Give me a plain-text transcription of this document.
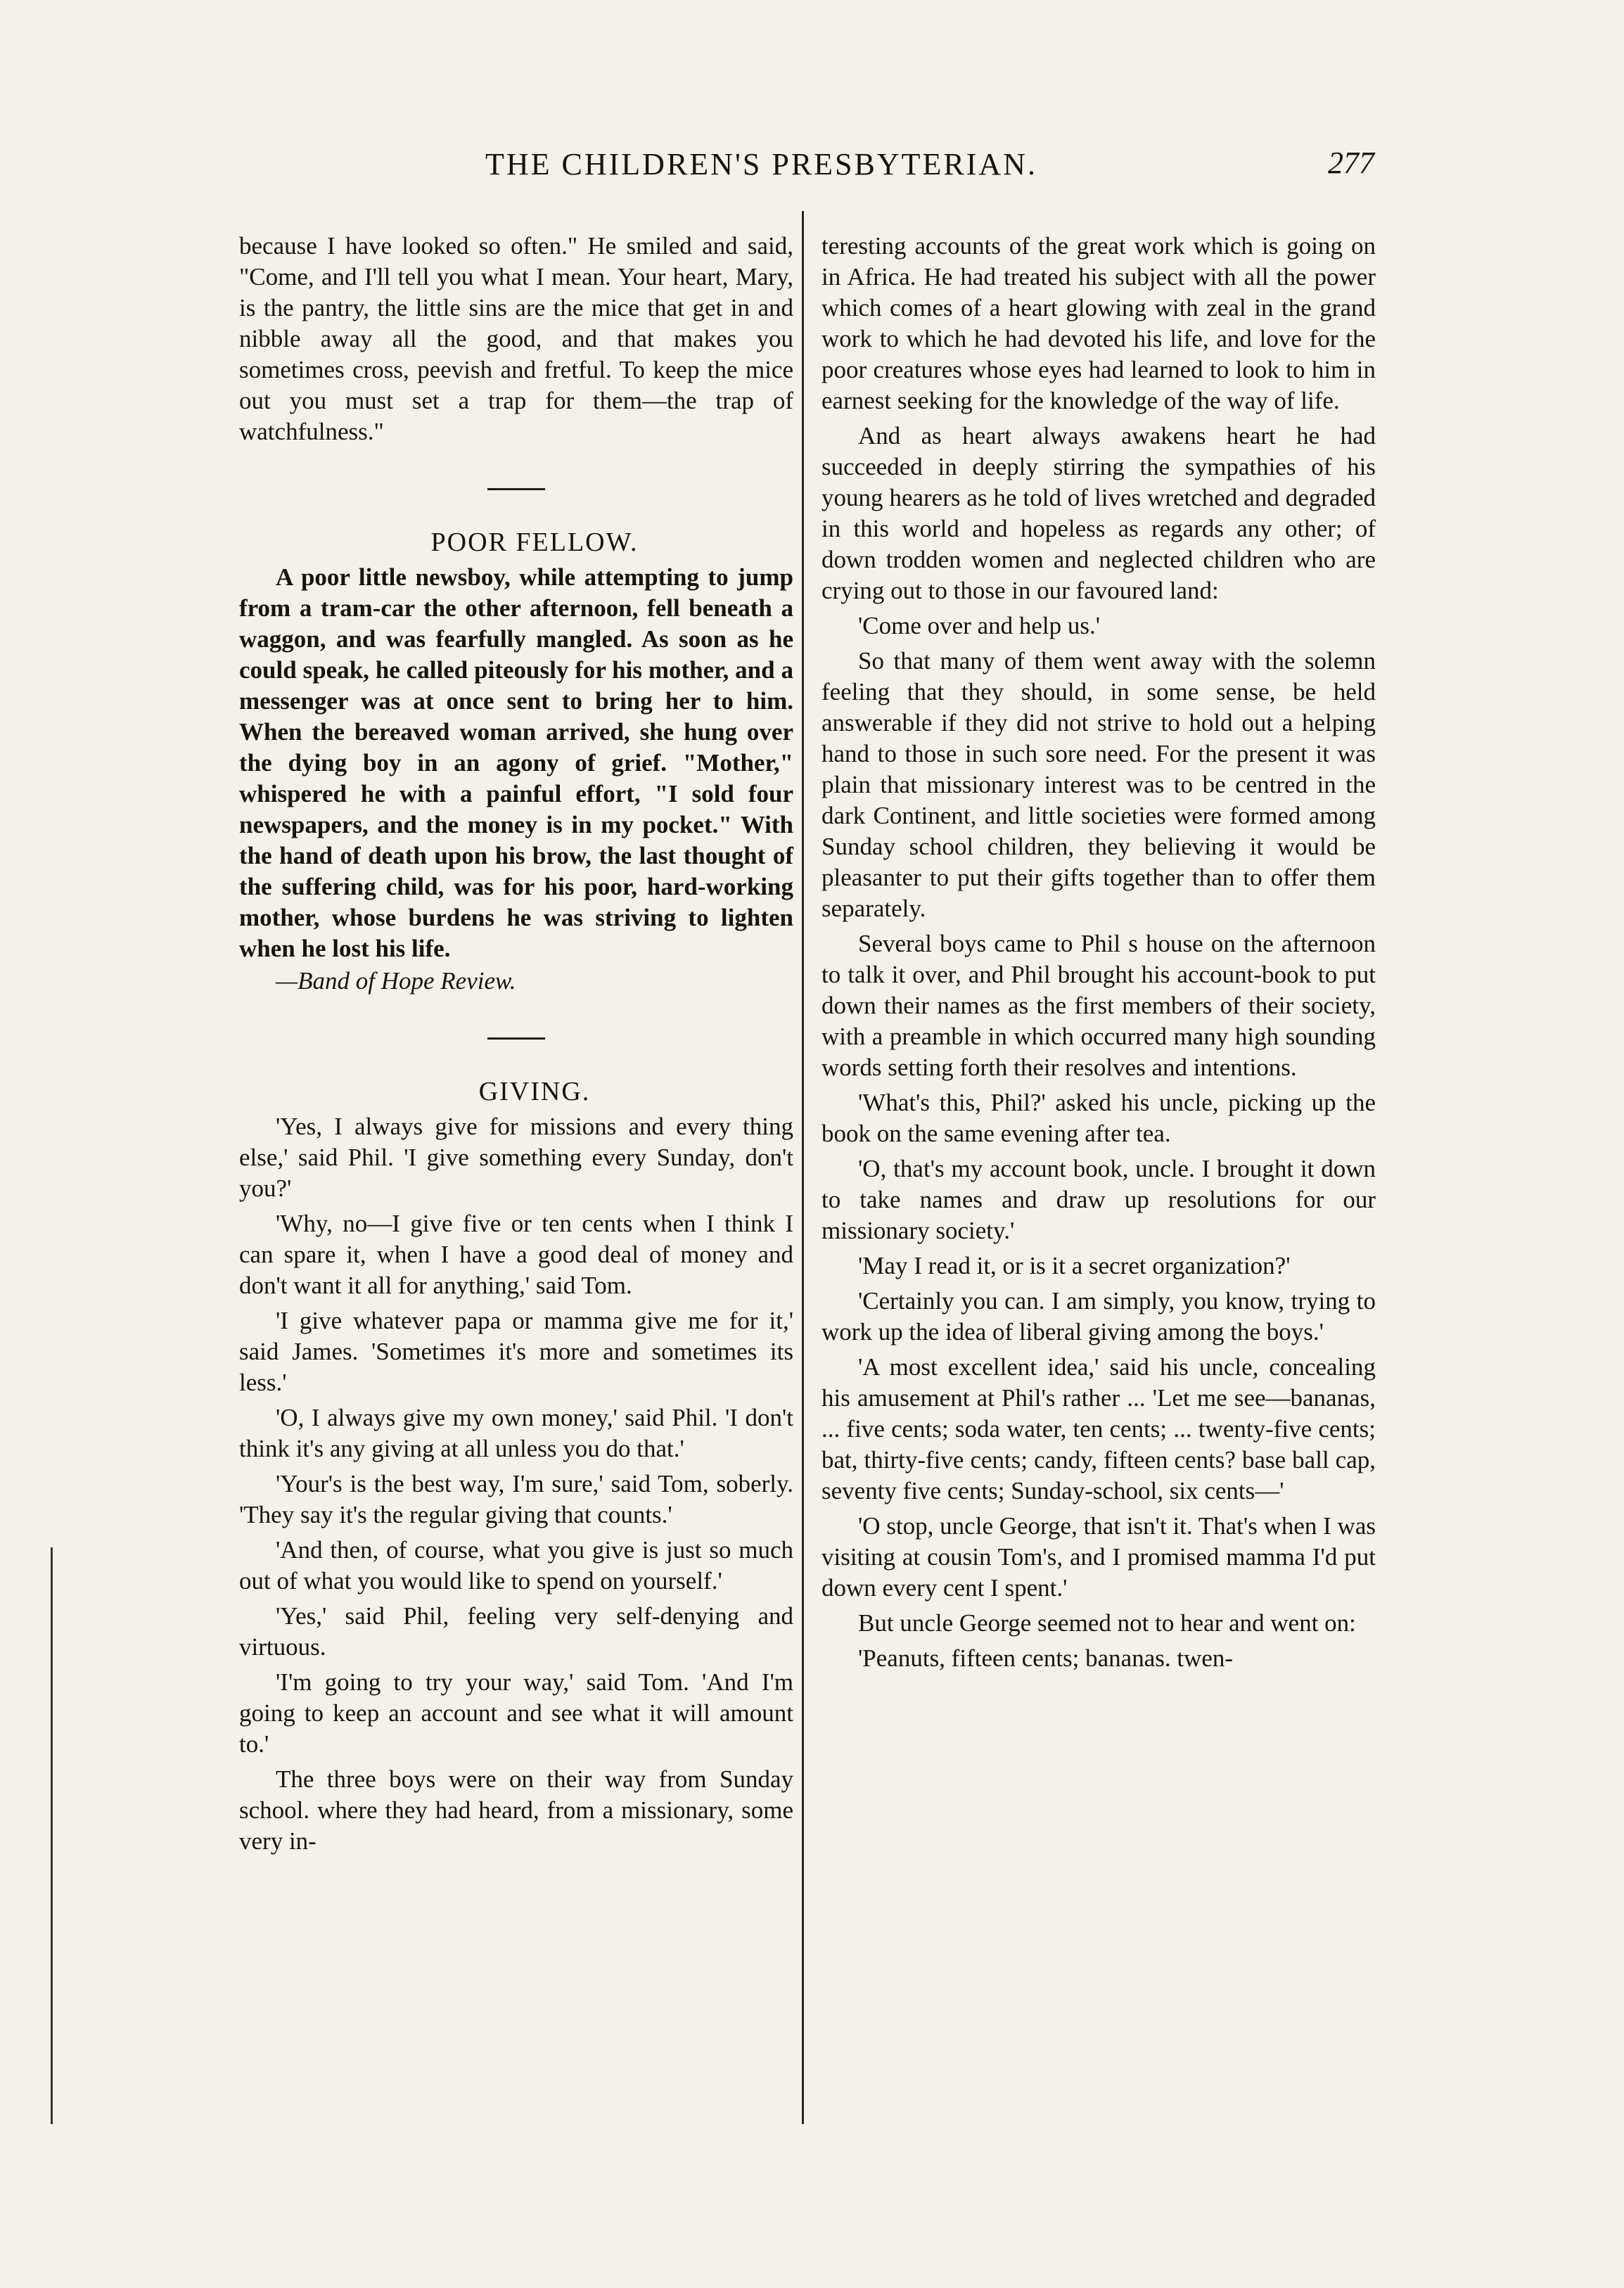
THE CHILDREN'S PRESBYTERIAN.	277

because I have looked so often." He smiled and said, "Come, and I'll tell you what I mean. Your heart, Mary, is the pantry, the little sins are the mice that get in and nibble away all the good, and that makes you sometimes cross, peevish and fretful. To keep the mice out you must set a trap for them—the trap of watchfulness."

POOR FELLOW.

A poor little newsboy, while attempting to jump from a tram-car the other afternoon, fell beneath a waggon, and was fearfully mangled. As soon as he could speak, he called piteously for his mother, and a messenger was at once sent to bring her to him. When the bereaved woman arrived, she hung over the dying boy in an agony of grief. "Mother," whispered he with a painful effort, "I sold four newspapers, and the money is in my pocket." With the hand of death upon his brow, the last thought of the suffering child, was for his poor, hard-working mother, whose burdens he was striving to lighten when he lost his life.

—Band of Hope Review.

GIVING.

'Yes, I always give for missions and every thing else,' said Phil. 'I give something every Sunday, don't you?'

'Why, no—I give five or ten cents when I think I can spare it, when I have a good deal of money and don't want it all for anything,' said Tom.

'I give whatever papa or mamma give me for it,' said James. 'Sometimes it's more and sometimes its less.'

'O, I always give my own money,' said Phil. 'I don't think it's any giving at all unless you do that.'

'Your's is the best way, I'm sure,' said Tom, soberly. 'They say it's the regular giving that counts.'

'And then, of course, what you give is just so much out of what you would like to spend on yourself.'

'Yes,' said Phil, feeling very self-denying and virtuous.

'I'm going to try your way,' said Tom. 'And I'm going to keep an account and see what it will amount to.'

The three boys were on their way from Sunday school. where they had heard, from a missionary, some very in-

teresting accounts of the great work which is going on in Africa. He had treated his subject with all the power which comes of a heart glowing with zeal in the grand work to which he had devoted his life, and love for the poor creatures whose eyes had learned to look to him in earnest seeking for the knowledge of the way of life.

And as heart always awakens heart he had succeeded in deeply stirring the sympathies of his young hearers as he told of lives wretched and degraded in this world and hopeless as regards any other; of down trodden women and neglected children who are crying out to those in our favoured land:

'Come over and help us.'

So that many of them went away with the solemn feeling that they should, in some sense, be held answerable if they did not strive to hold out a helping hand to those in such sore need. For the present it was plain that missionary interest was to be centred in the dark Continent, and little societies were formed among Sunday school children, they believing it would be pleasanter to put their gifts together than to offer them separately.

Several boys came to Phil s house on the afternoon to talk it over, and Phil brought his account-book to put down their names as the first members of their society, with a preamble in which occurred many high sounding words setting forth their resolves and intentions.

'What's this, Phil?' asked his uncle, picking up the book on the same evening after tea.

'O, that's my account book, uncle. I brought it down to take names and draw up resolutions for our missionary society.'

'May I read it, or is it a secret organization?'

'Certainly you can. I am simply, you know, trying to work up the idea of liberal giving among the boys.'

'A most excellent idea,' said his uncle, concealing his amusement at Phil's rather ... 'Let me see—bananas, ... five cents; soda water, ten cents; ... twenty-five cents; bat, thirty-five cents; candy, fifteen cents? base ball cap, seventy five cents; Sunday-school, six cents—'

'O stop, uncle George, that isn't it. That's when I was visiting at cousin Tom's, and I promised mamma I'd put down every cent I spent.'

But uncle George seemed not to hear and went on:

'Peanuts, fifteen cents; bananas. twen-
